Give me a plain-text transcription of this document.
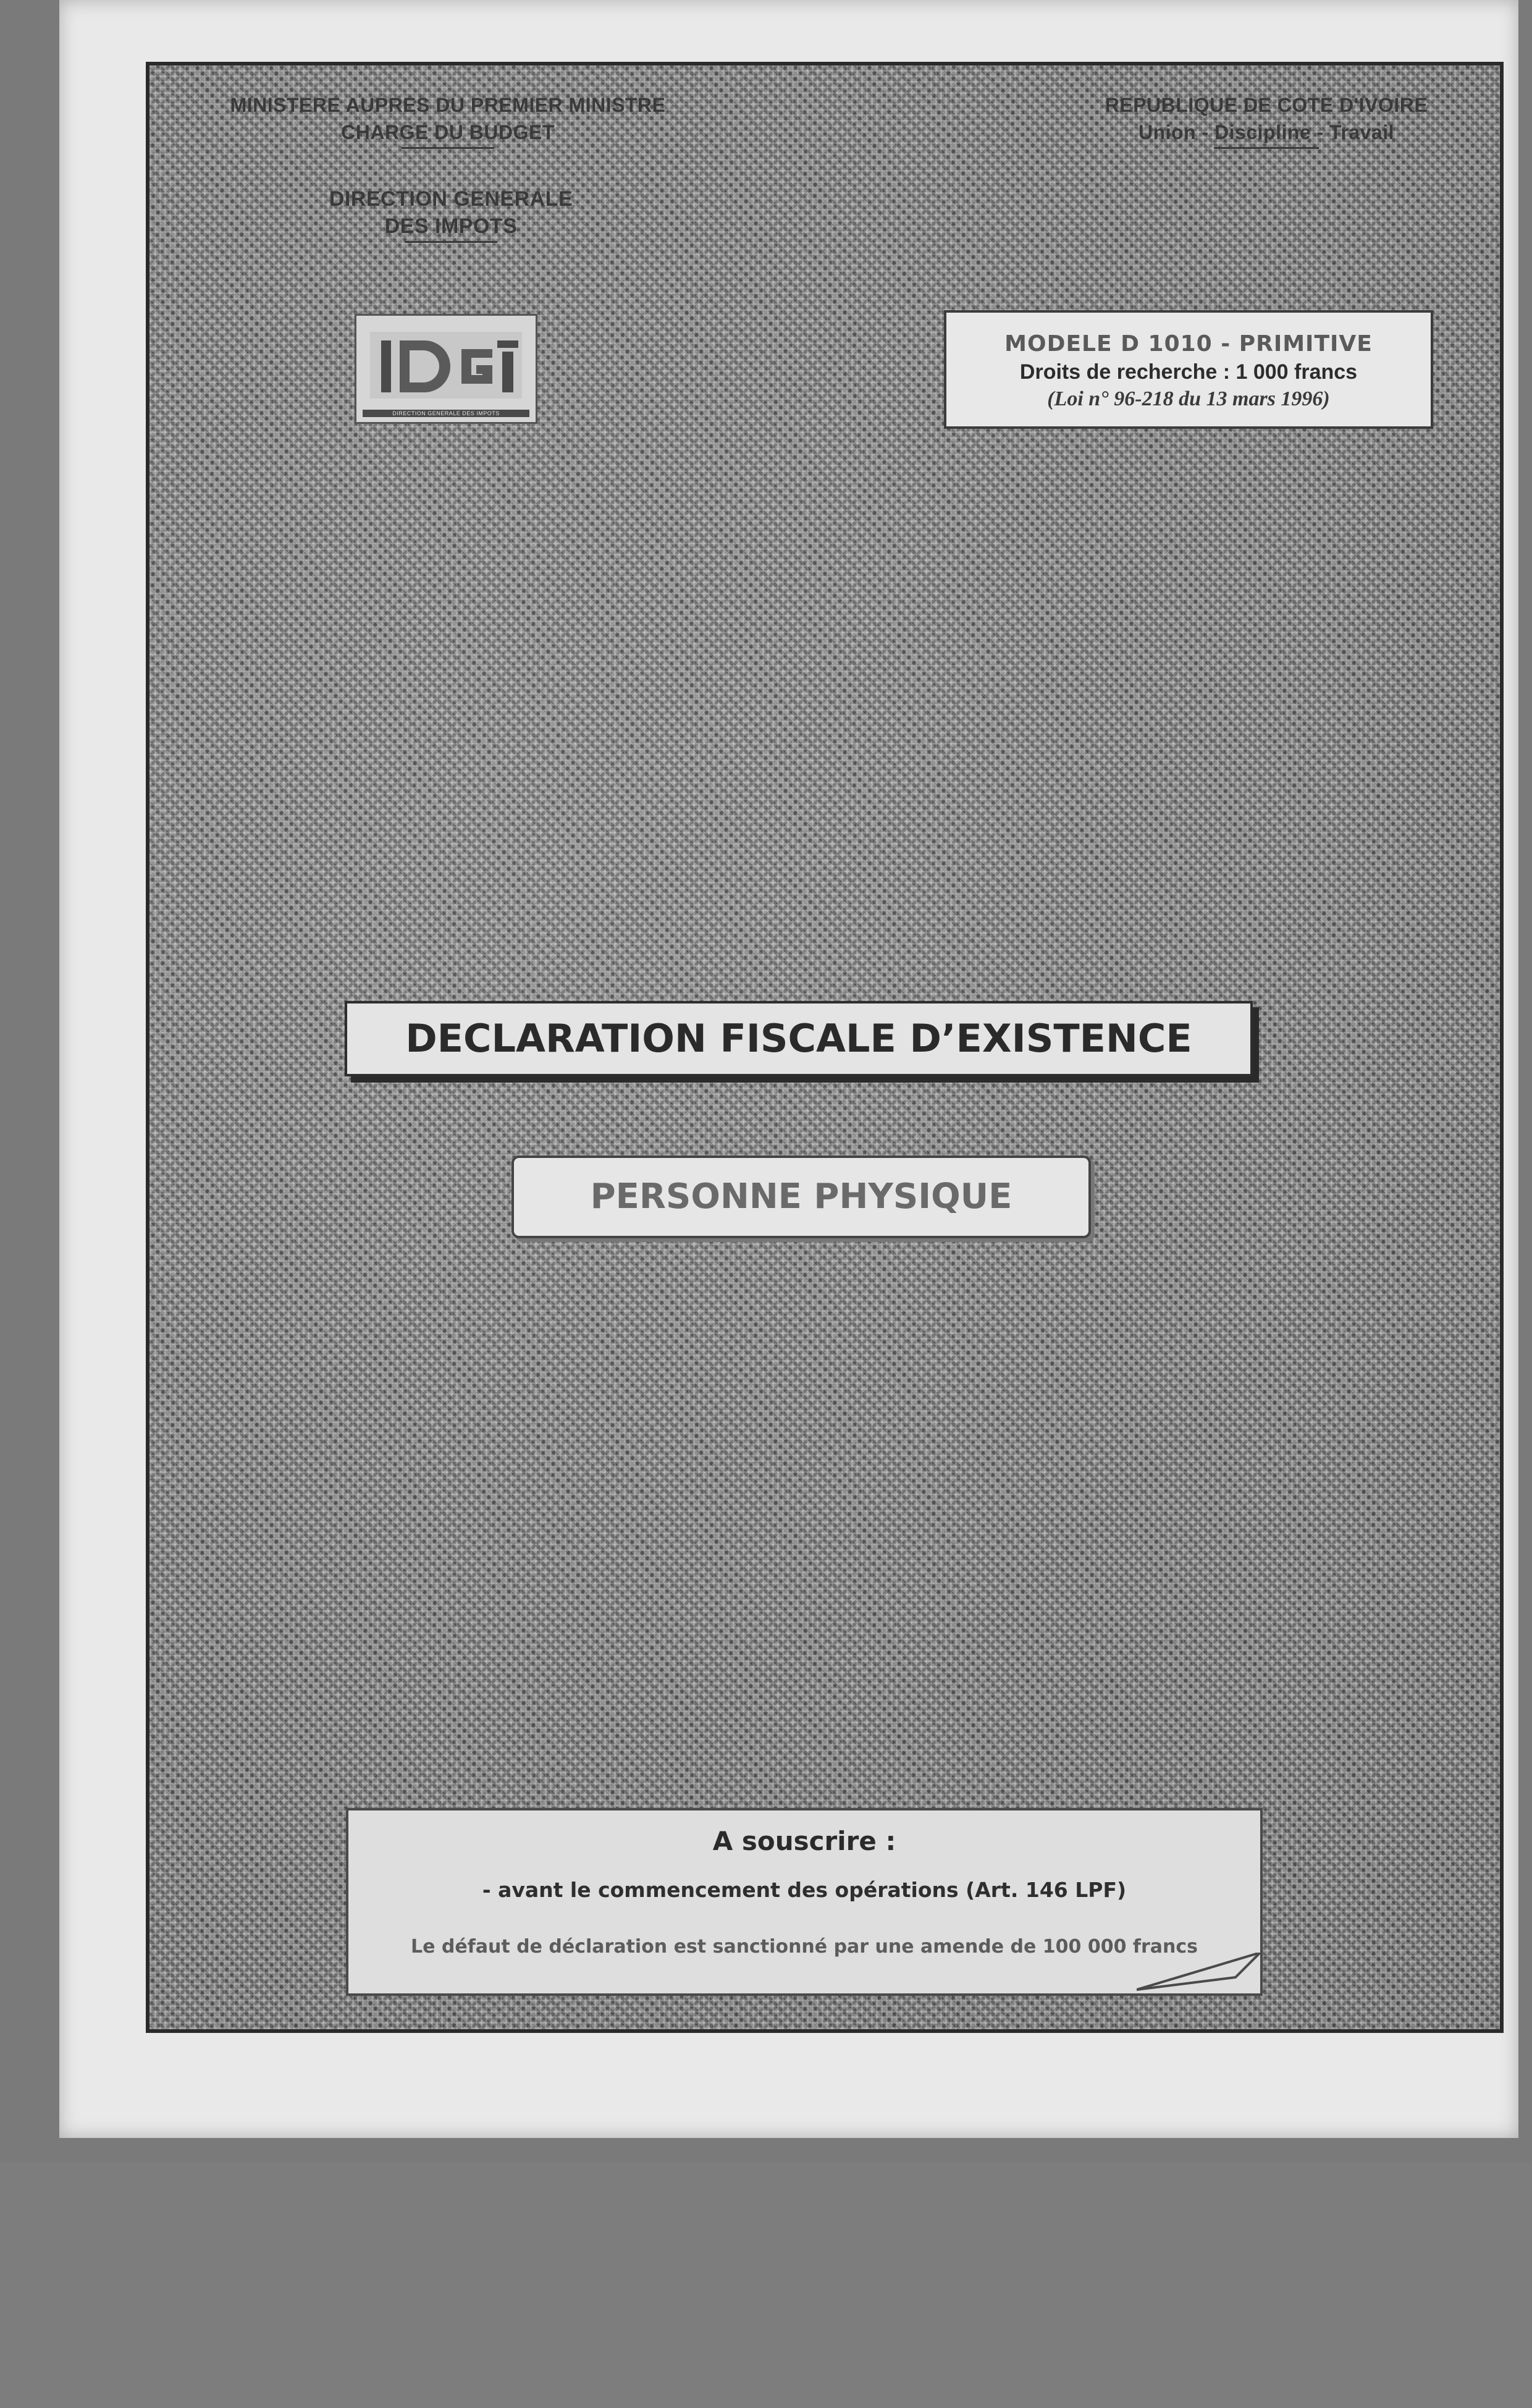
MINISTERE AUPRES DU PREMIER MINISTRE
CHARGE DU BUDGET
DIRECTION GENERALE
DES IMPOTS
REPUBLIQUE DE COTE D'IVOIRE
Union - Discipline - Travail
DIRECTION GENERALE DES IMPOTS
MODELE D 1010 - PRIMITIVE
Droits de recherche : 1 000 francs
(Loi n° 96-218 du 13 mars 1996)
DECLARATION FISCALE D’EXISTENCE
PERSONNE PHYSIQUE
A souscrire :
- avant le commencement des opérations (Art. 146 LPF)
Le défaut de déclaration est sanctionné par une amende de 100 000 francs
